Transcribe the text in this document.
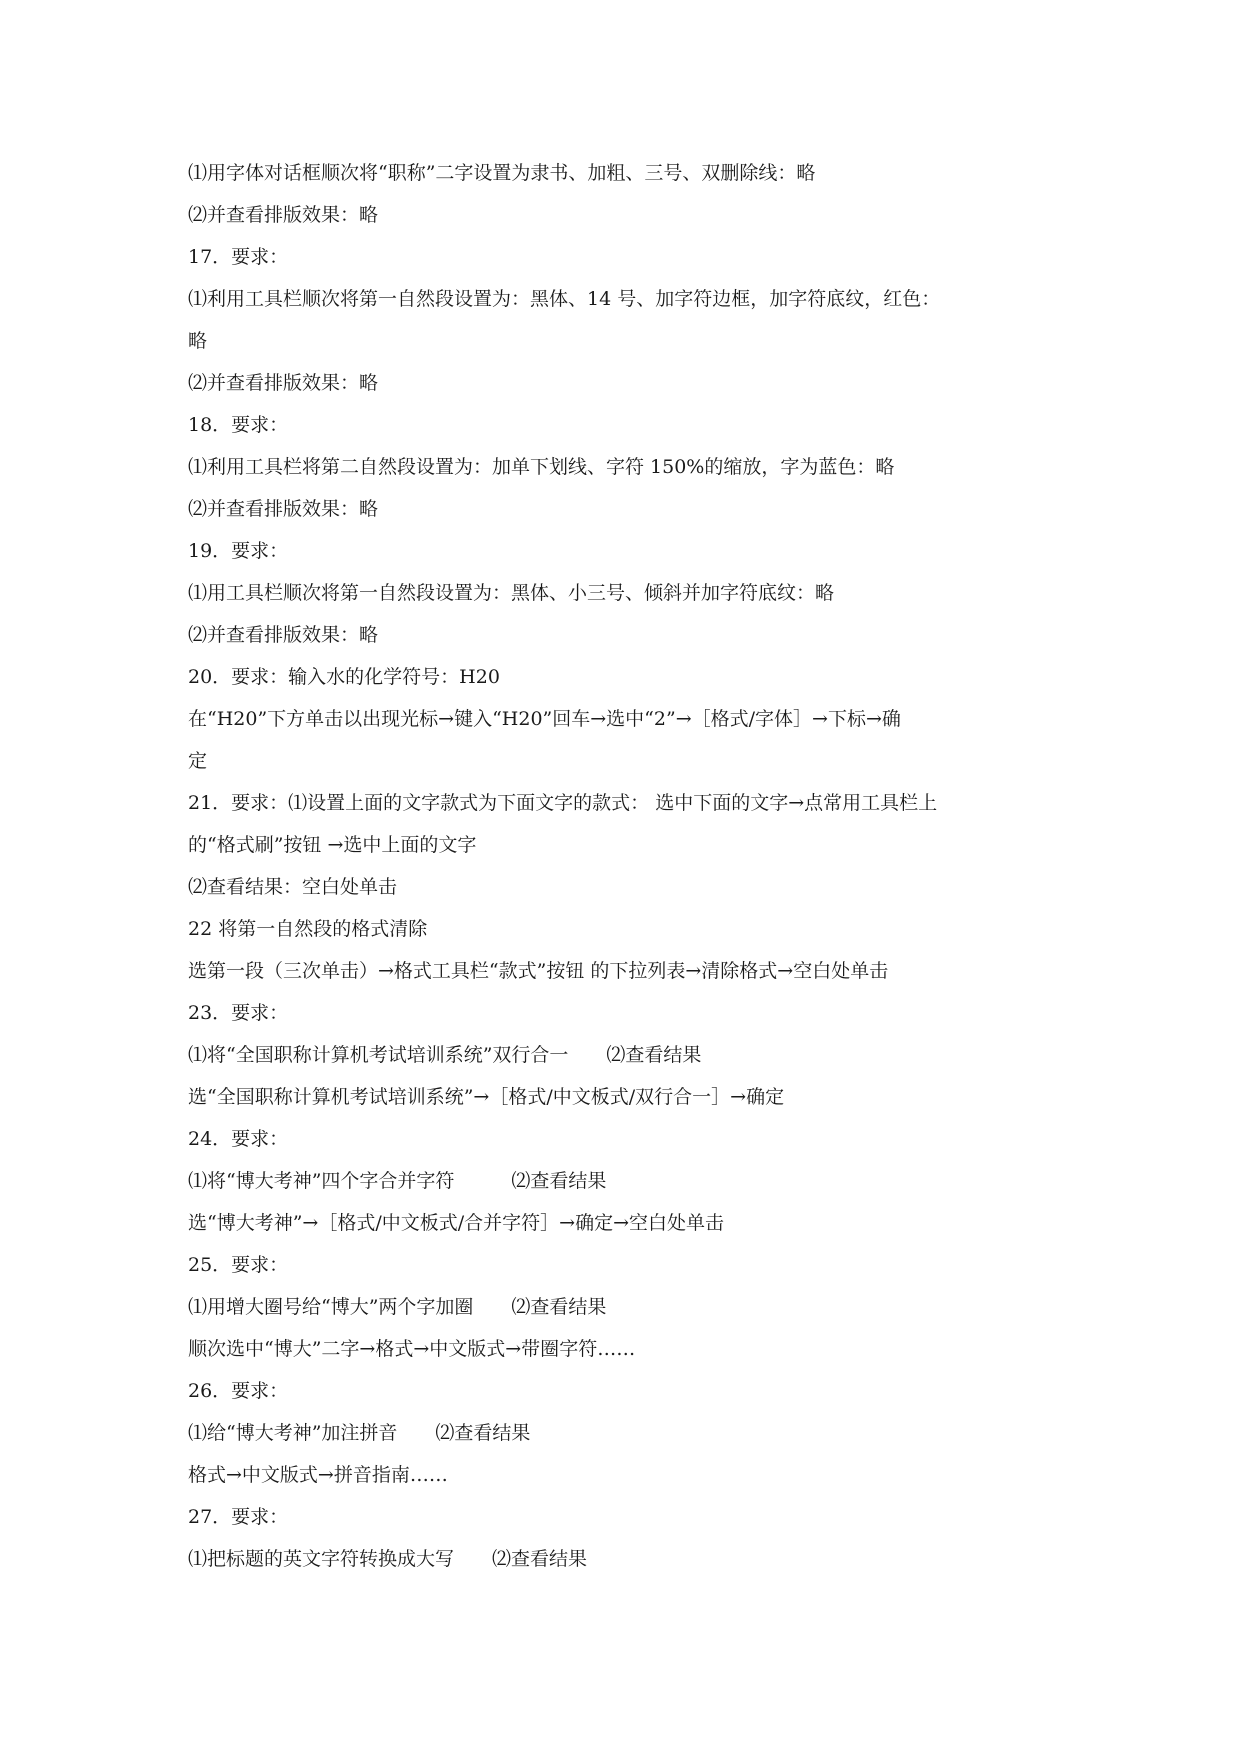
⑴用字体对话框顺次将“职称”二字设置为隶书、加粗、三号、双删除线：略
⑵并查看排版效果：略
17．要求：
⑴利用工具栏顺次将第一自然段设置为：黑体、14 号、加字符边框，加字符底纹，红色：
略
⑵并查看排版效果：略
18．要求：
⑴利用工具栏将第二自然段设置为：加单下划线、字符 150%的缩放，字为蓝色：略
⑵并查看排版效果：略
19．要求：
⑴用工具栏顺次将第一自然段设置为：黑体、小三号、倾斜并加字符底纹：略
⑵并查看排版效果：略
20．要求：输入水的化学符号：H20
在“H20”下方单击以出现光标→键入“H20”回车→选中“2”→［格式/字体］→下标→确
定
21．要求：⑴设置上面的文字款式为下面文字的款式： 选中下面的文字→点常用工具栏上
的“格式刷”按钮 →选中上面的文字
⑵查看结果：空白处单击
22 将第一自然段的格式清除
选第一段（三次单击）→格式工具栏“款式”按钮 的下拉列表→清除格式→空白处单击
23．要求：
⑴将“全国职称计算机考试培训系统”双行合一　　⑵查看结果
选“全国职称计算机考试培训系统”→［格式/中文板式/双行合一］→确定
24．要求：
⑴将“博大考神”四个字合并字符　　　⑵查看结果
选“博大考神”→［格式/中文板式/合并字符］→确定→空白处单击
25．要求：
⑴用增大圈号给“博大”两个字加圈　　⑵查看结果
顺次选中“博大”二字→格式→中文版式→带圈字符……
26．要求：
⑴给“博大考神”加注拼音　　⑵查看结果
格式→中文版式→拼音指南……
27．要求：
⑴把标题的英文字符转换成大写　　⑵查看结果
